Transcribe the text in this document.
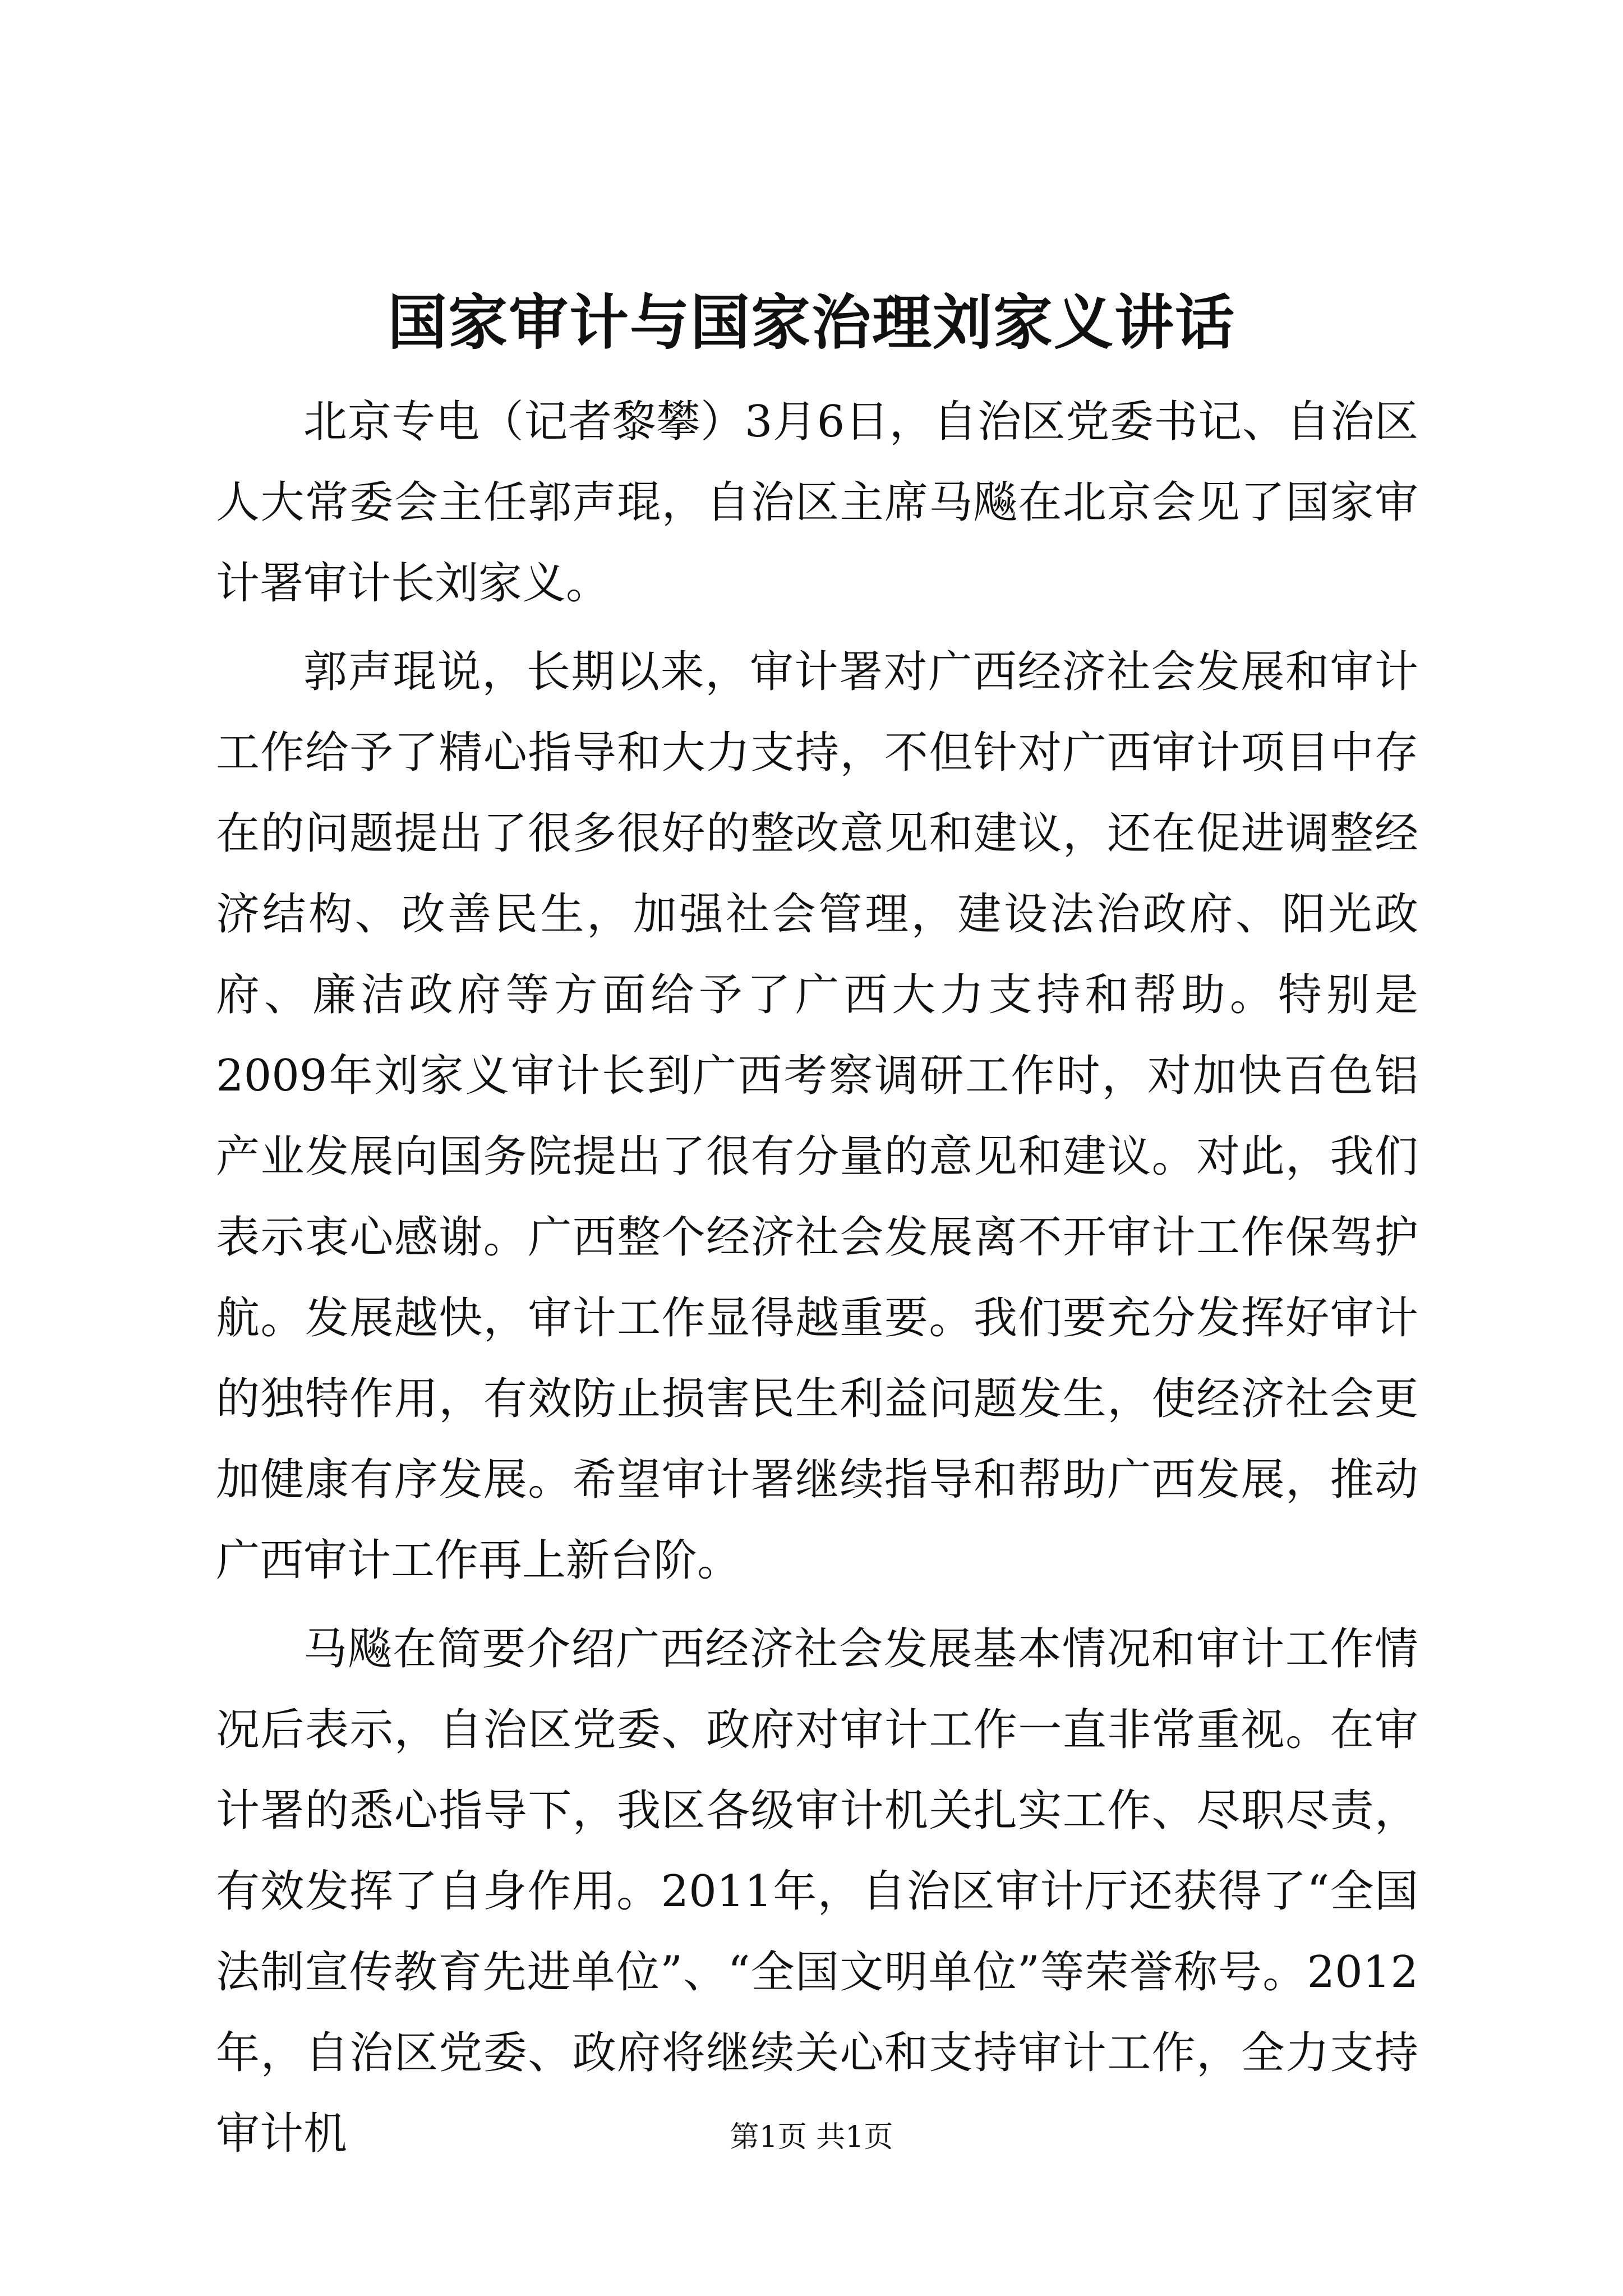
国家审计与国家治理刘家义讲话

北京专电（记者黎攀）3月6日，自治区党委书记、自治区人大常委会主任郭声琨，自治区主席马飚在北京会见了国家审计署审计长刘家义。

郭声琨说，长期以来，审计署对广西经济社会发展和审计工作给予了精心指导和大力支持，不但针对广西审计项目中存在的问题提出了很多很好的整改意见和建议，还在促进调整经济结构、改善民生，加强社会管理，建设法治政府、阳光政府、廉洁政府等方面给予了广西大力支持和帮助。特别是2009年刘家义审计长到广西考察调研工作时，对加快百色铝产业发展向国务院提出了很有分量的意见和建议。对此，我们表示衷心感谢。广西整个经济社会发展离不开审计工作保驾护航。发展越快，审计工作显得越重要。我们要充分发挥好审计的独特作用，有效防止损害民生利益问题发生，使经济社会更加健康有序发展。希望审计署继续指导和帮助广西发展，推动广西审计工作再上新台阶。

马飚在简要介绍广西经济社会发展基本情况和审计工作情况后表示，自治区党委、政府对审计工作一直非常重视。在审计署的悉心指导下，我区各级审计机关扎实工作、尽职尽责，有效发挥了自身作用。2011年，自治区审计厅还获得了“全国法制宣传教育先进单位”、“全国文明单位”等荣誉称号。2012年，自治区党委、政府将继续关心和支持审计工作，全力支持审计机	第1页 共1页
